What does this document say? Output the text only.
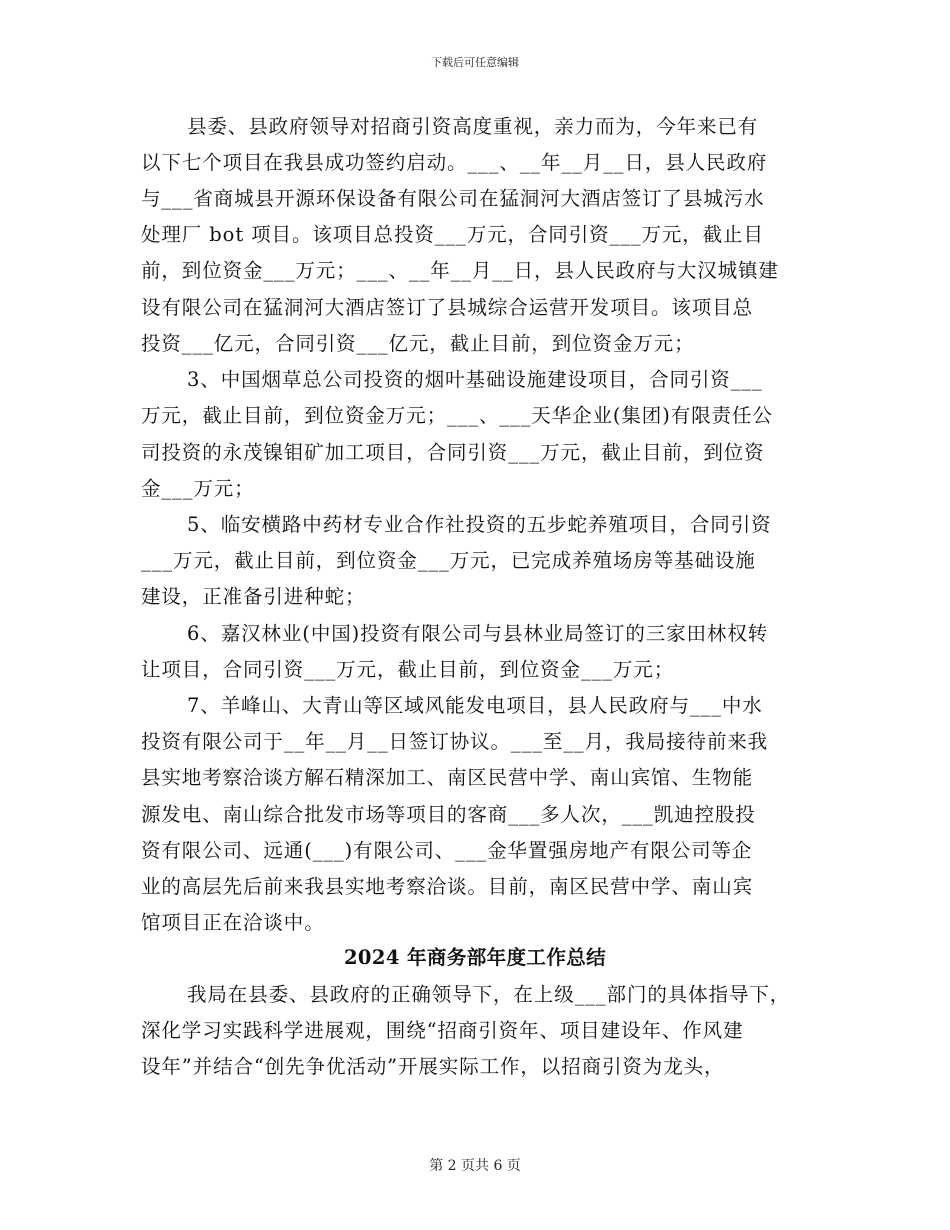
下载后可任意编辑
县委、县政府领导对招商引资高度重视，亲力而为，今年来已有
以下七个项目在我县成功签约启动。___、__年__月__日，县人民政府
与___省商城县开源环保设备有限公司在猛洞河大酒店签订了县城污水
处理厂 bot 项目。该项目总投资___万元，合同引资___万元，截止目
前，到位资金___万元；___、__年__月__日，县人民政府与大汉城镇建
设有限公司在猛洞河大酒店签订了县城综合运营开发项目。该项目总
投资___亿元，合同引资___亿元，截止目前，到位资金万元；
3、中国烟草总公司投资的烟叶基础设施建设项目，合同引资___
万元，截止目前，到位资金万元；___、___天华企业(集团)有限责任公
司投资的永茂镍钼矿加工项目，合同引资___万元，截止目前，到位资
金___万元；
5、临安横路中药材专业合作社投资的五步蛇养殖项目，合同引资
___万元，截止目前，到位资金___万元，已完成养殖场房等基础设施
建设，正准备引进种蛇；
6、嘉汉林业(中国)投资有限公司与县林业局签订的三家田林权转
让项目，合同引资___万元，截止目前，到位资金___万元；
7、羊峰山、大青山等区域风能发电项目，县人民政府与___中水
投资有限公司于__年__月__日签订协议。___至__月，我局接待前来我
县实地考察洽谈方解石精深加工、南区民营中学、南山宾馆、生物能
源发电、南山综合批发市场等项目的客商___多人次，___凯迪控股投
资有限公司、远通(___)有限公司、___金华置强房地产有限公司等企
业的高层先后前来我县实地考察洽谈。目前，南区民营中学、南山宾
馆项目正在洽谈中。
2024 年商务部年度工作总结
我局在县委、县政府的正确领导下，在上级___部门的具体指导下，
深化学习实践科学进展观，围绕“招商引资年、项目建设年、作风建
设年”并结合“创先争优活动”开展实际工作，以招商引资为龙头，
第 2 页共 6 页
